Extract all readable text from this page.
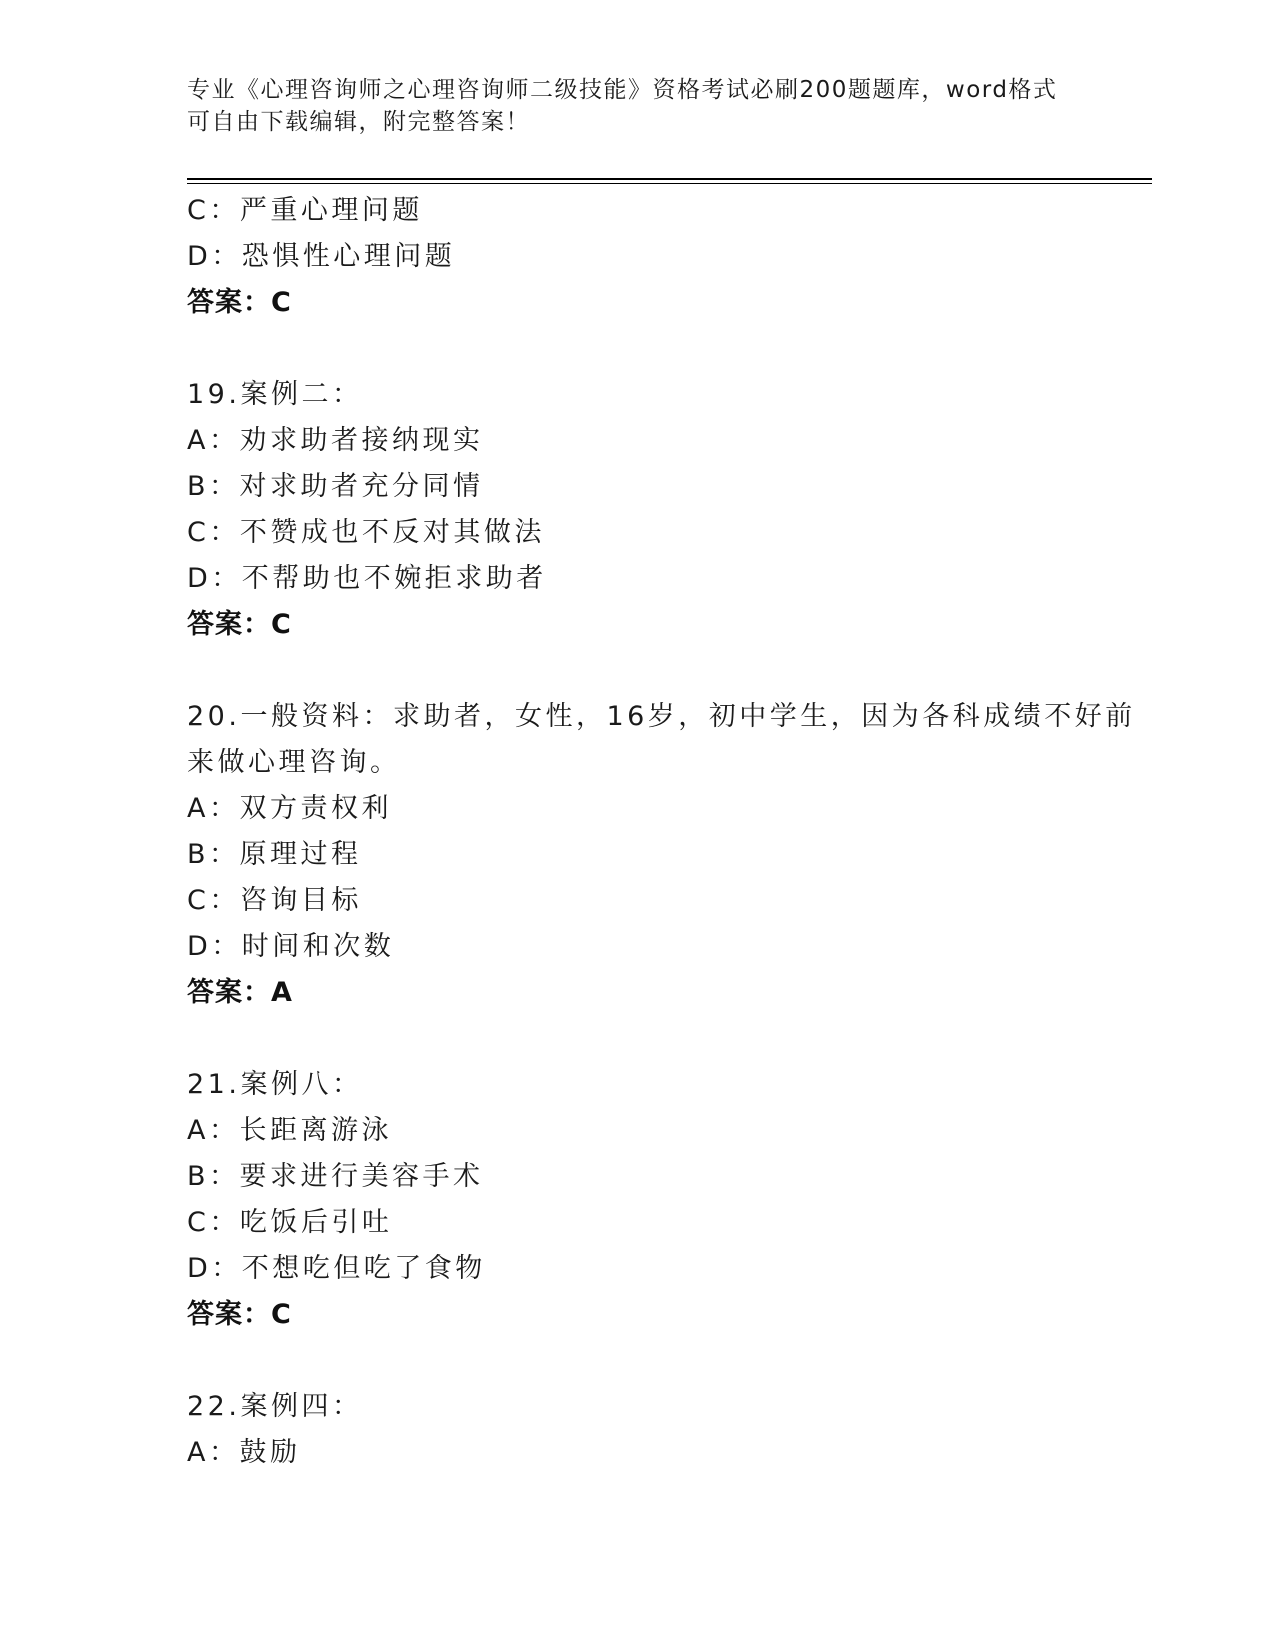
专业《心理咨询师之心理咨询师二级技能》资格考试必刷200题题库，word格式

可自由下载编辑，附完整答案！

C：严重心理问题
D：恐惧性心理问题
答案：C
19.案例二：
A：劝求助者接纳现实
B：对求助者充分同情
C：不赞成也不反对其做法
D：不帮助也不婉拒求助者
答案：C
20.一般资料：求助者，女性，16岁，初中学生，因为各科成绩不好前
来做心理咨询。
A：双方责权利
B：原理过程
C：咨询目标
D：时间和次数
答案：A
21.案例八：
A：长距离游泳
B：要求进行美容手术
C：吃饭后引吐
D：不想吃但吃了食物
答案：C
22.案例四：
A：鼓励
